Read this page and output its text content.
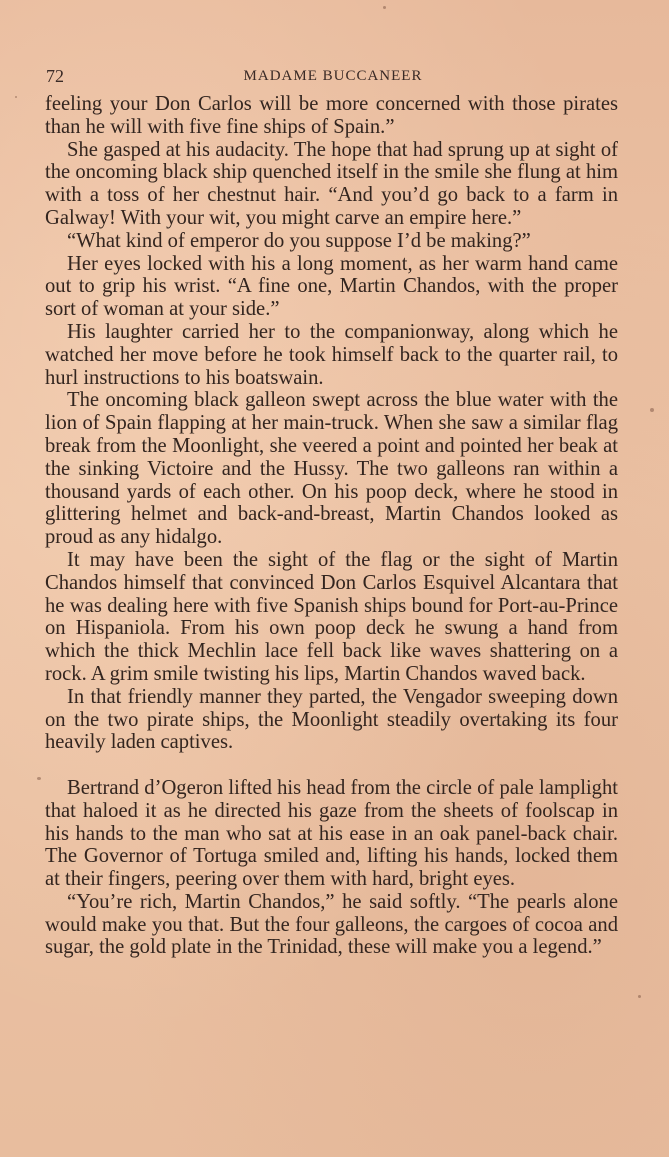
72	MADAME BUCCANEER

feeling your Don Carlos will be more concerned with those pirates than he will with five fine ships of Spain.”

She gasped at his audacity. The hope that had sprung up at sight of the oncoming black ship quenched itself in the smile she flung at him with a toss of her chestnut hair. “And you’d go back to a farm in Galway! With your wit, you might carve an empire here.”

“What kind of emperor do you suppose I’d be making?”

Her eyes locked with his a long moment, as her warm hand came out to grip his wrist. “A fine one, Martin Chandos, with the proper sort of woman at your side.”

His laughter carried her to the companionway, along which he watched her move before he took himself back to the quarter rail, to hurl instructions to his boatswain.

The oncoming black galleon swept across the blue water with the lion of Spain flapping at her main-truck. When she saw a similar flag break from the Moonlight, she veered a point and pointed her beak at the sinking Victoire and the Hussy. The two galleons ran within a thousand yards of each other. On his poop deck, where he stood in glittering helmet and back-and-breast, Martin Chandos looked as proud as any hidalgo.

It may have been the sight of the flag or the sight of Martin Chandos himself that convinced Don Carlos Esquivel Alcantara that he was dealing here with five Spanish ships bound for Port-au-Prince on Hispaniola. From his own poop deck he swung a hand from which the thick Mechlin lace fell back like waves shattering on a rock. A grim smile twisting his lips, Martin Chandos waved back.

In that friendly manner they parted, the Vengador sweeping down on the two pirate ships, the Moonlight steadily overtaking its four heavily laden captives.

Bertrand d’Ogeron lifted his head from the circle of pale lamplight that haloed it as he directed his gaze from the sheets of foolscap in his hands to the man who sat at his ease in an oak panel-back chair. The Governor of Tortuga smiled and, lifting his hands, locked them at their fingers, peering over them with hard, bright eyes.

“You’re rich, Martin Chandos,” he said softly. “The pearls alone would make you that. But the four galleons, the cargoes of cocoa and sugar, the gold plate in the Trinidad, these will make you a legend.”
